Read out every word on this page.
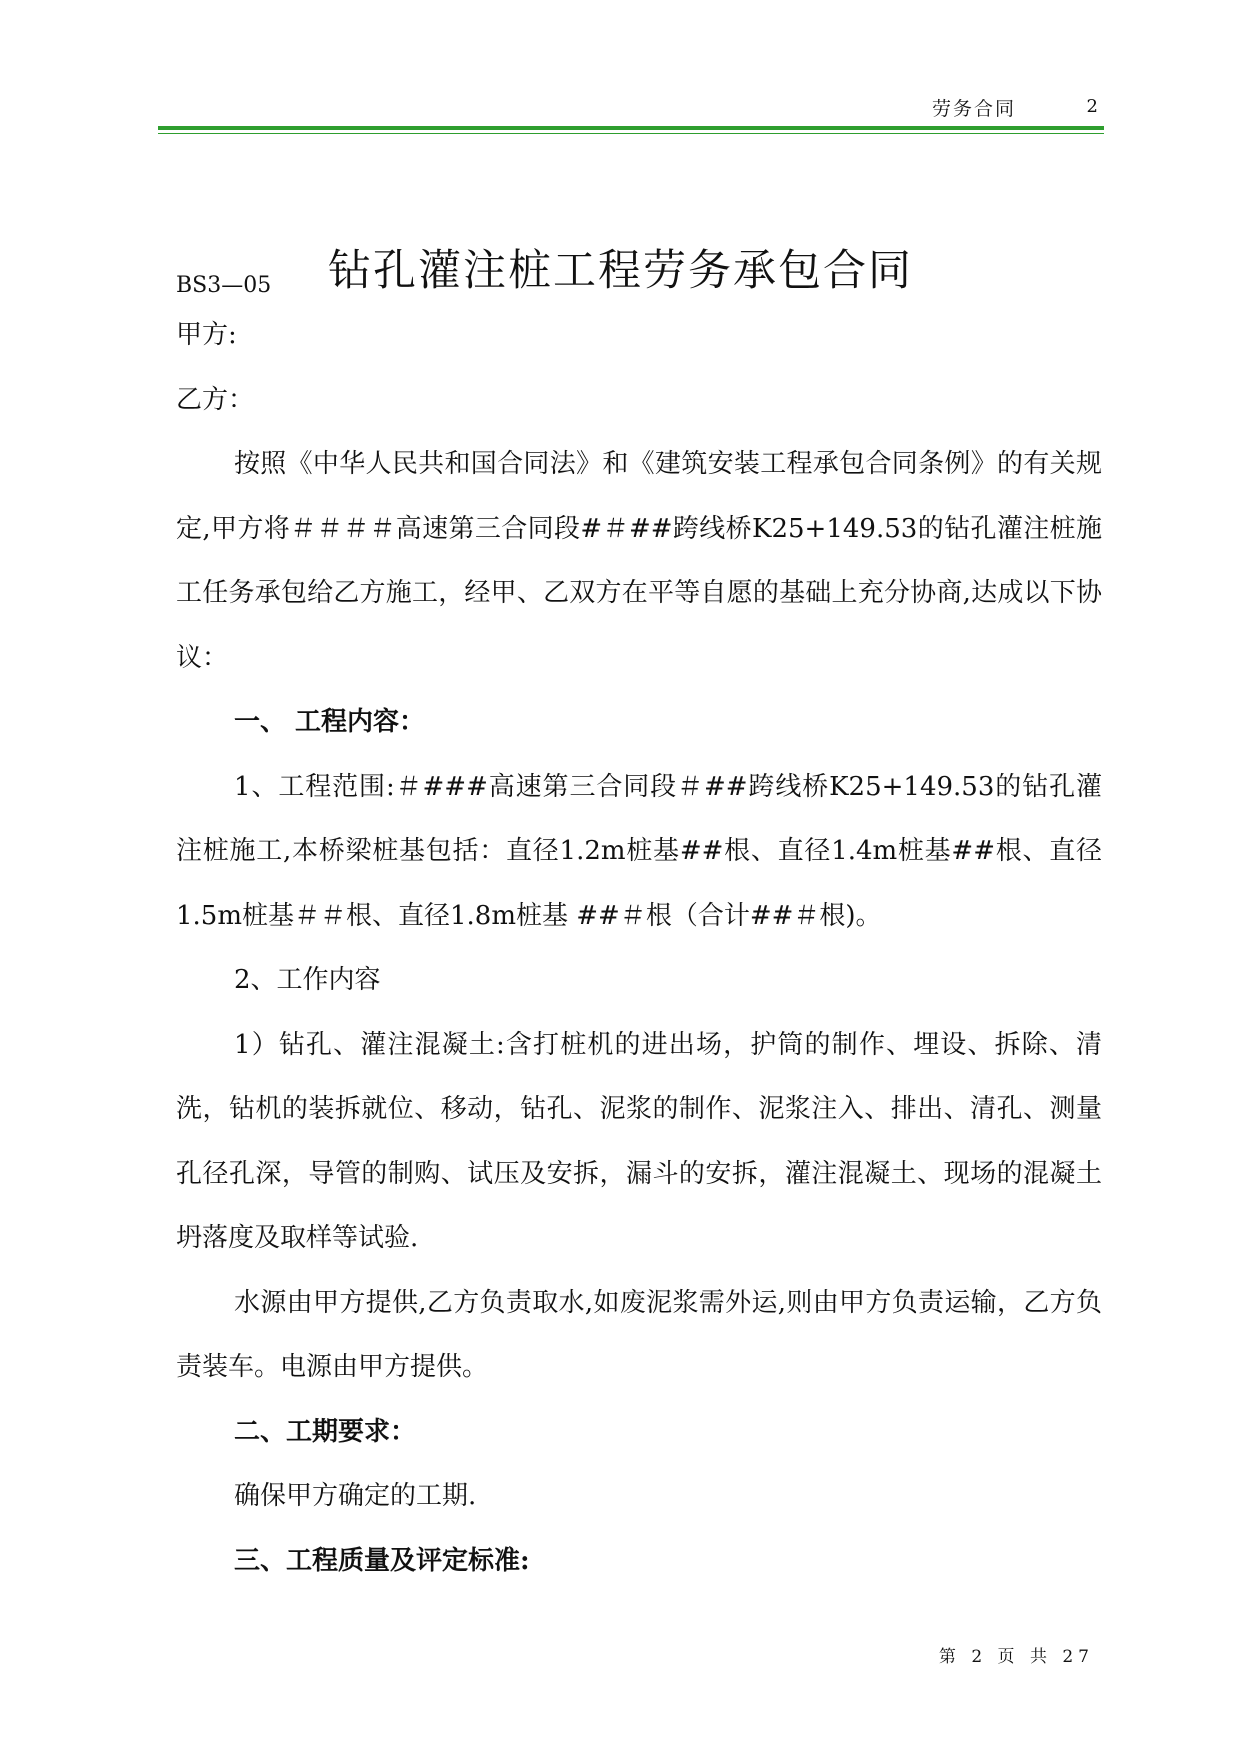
劳务合同	2
钻孔灌注桩工程劳务承包合同
BS3—05

甲方:

乙方：

按照《中华人民共和国合同法》和《建筑安装工程承包合同条例》的有关规定,甲方将＃＃＃＃高速第三合同段#＃##跨线桥K25+149.53的钻孔灌注桩施工任务承包给乙方施工，经甲、乙双方在平等自愿的基础上充分协商,达成以下协议：

一、 工程内容：

1、工程范围:＃###高速第三合同段＃##跨线桥K25+149.53的钻孔灌注桩施工,本桥梁桩基包括：直径1.2m桩基##根、直径1.4m桩基##根、直径1.5m桩基＃＃根、直径1.8m桩基 ##＃根（合计##＃根)。

2、工作内容

1）钻孔、灌注混凝土:含打桩机的进出场，护筒的制作、埋设、拆除、清洗，钻机的装拆就位、移动，钻孔、泥浆的制作、泥浆注入、排出、清孔、测量孔径孔深，导管的制购、试压及安拆，漏斗的安拆，灌注混凝土、现场的混凝土坍落度及取样等试验.

水源由甲方提供,乙方负责取水,如废泥浆需外运,则由甲方负责运输，乙方负责装车。电源由甲方提供。

二、工期要求：

确保甲方确定的工期.

三、工程质量及评定标准:

第 2 页 共 27
